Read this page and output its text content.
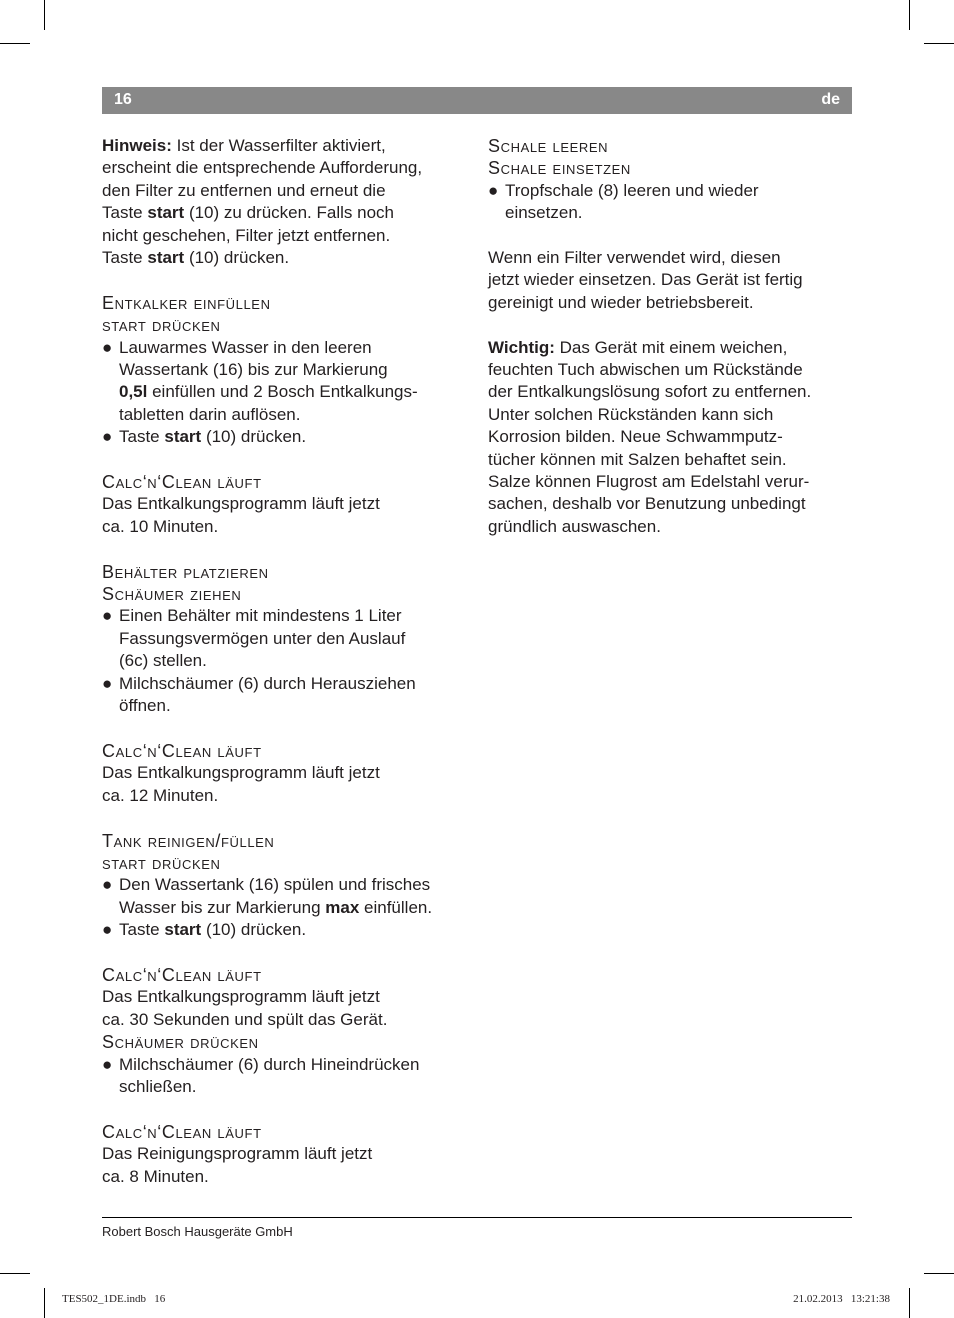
16	de

Hinweis: Ist der Wasserfilter aktiviert,

erscheint die entsprechende Aufforderung,

den Filter zu entfernen und erneut die

Taste start (10) zu drücken. Falls noch

nicht geschehen, Filter jetzt entfernen.

Taste start (10) drücken.

Entkalker einfüllen

start drücken

● Lauwarmes Wasser in den leeren

Wassertank (16) bis zur Markierung

0,5l einfüllen und 2 Bosch Entkalkungs-

tabletten darin auflösen.

● Taste start (10) drücken.

Calc‘n‘Clean läuft

Das Entkalkungsprogramm läuft jetzt

ca. 10 Minuten.

Behälter platzieren

Schäumer ziehen

● Einen Behälter mit mindestens 1 Liter

Fassungsvermögen unter den Auslauf

(6c) stellen.

● Milchschäumer (6) durch Herausziehen

öffnen.

Calc‘n‘Clean läuft

Das Entkalkungsprogramm läuft jetzt

ca. 12 Minuten.

Tank reinigen/füllen

start drücken

● Den Wassertank (16) spülen und frisches

Wasser bis zur Markierung max einfüllen.

● Taste start (10) drücken.

Calc‘n‘Clean läuft

Das Entkalkungsprogramm läuft jetzt

ca. 30 Sekunden und spült das Gerät.

Schäumer drücken

● Milchschäumer (6) durch Hineindrücken

schließen.

Calc‘n‘Clean läuft

Das Reinigungsprogramm läuft jetzt

ca. 8 Minuten.

Schale leeren

Schale einsetzen

● Tropfschale (8) leeren und wieder

einsetzen.

Wenn ein Filter verwendet wird, diesen

jetzt wieder einsetzen. Das Gerät ist fertig

gereinigt und wieder betriebsbereit.

Wichtig: Das Gerät mit einem weichen,

feuchten Tuch abwischen um Rückstände

der Entkalkungslösung sofort zu entfernen.

Unter solchen Rückständen kann sich

Korrosion bilden. Neue Schwammputz-

tücher können mit Salzen behaftet sein.

Salze können Flugrost am Edelstahl verur-

sachen, deshalb vor Benutzung unbedingt

gründlich auswaschen.

Robert Bosch Hausgeräte GmbH
TES502_1DE.indb   16	21.02.2013   13:21:38
